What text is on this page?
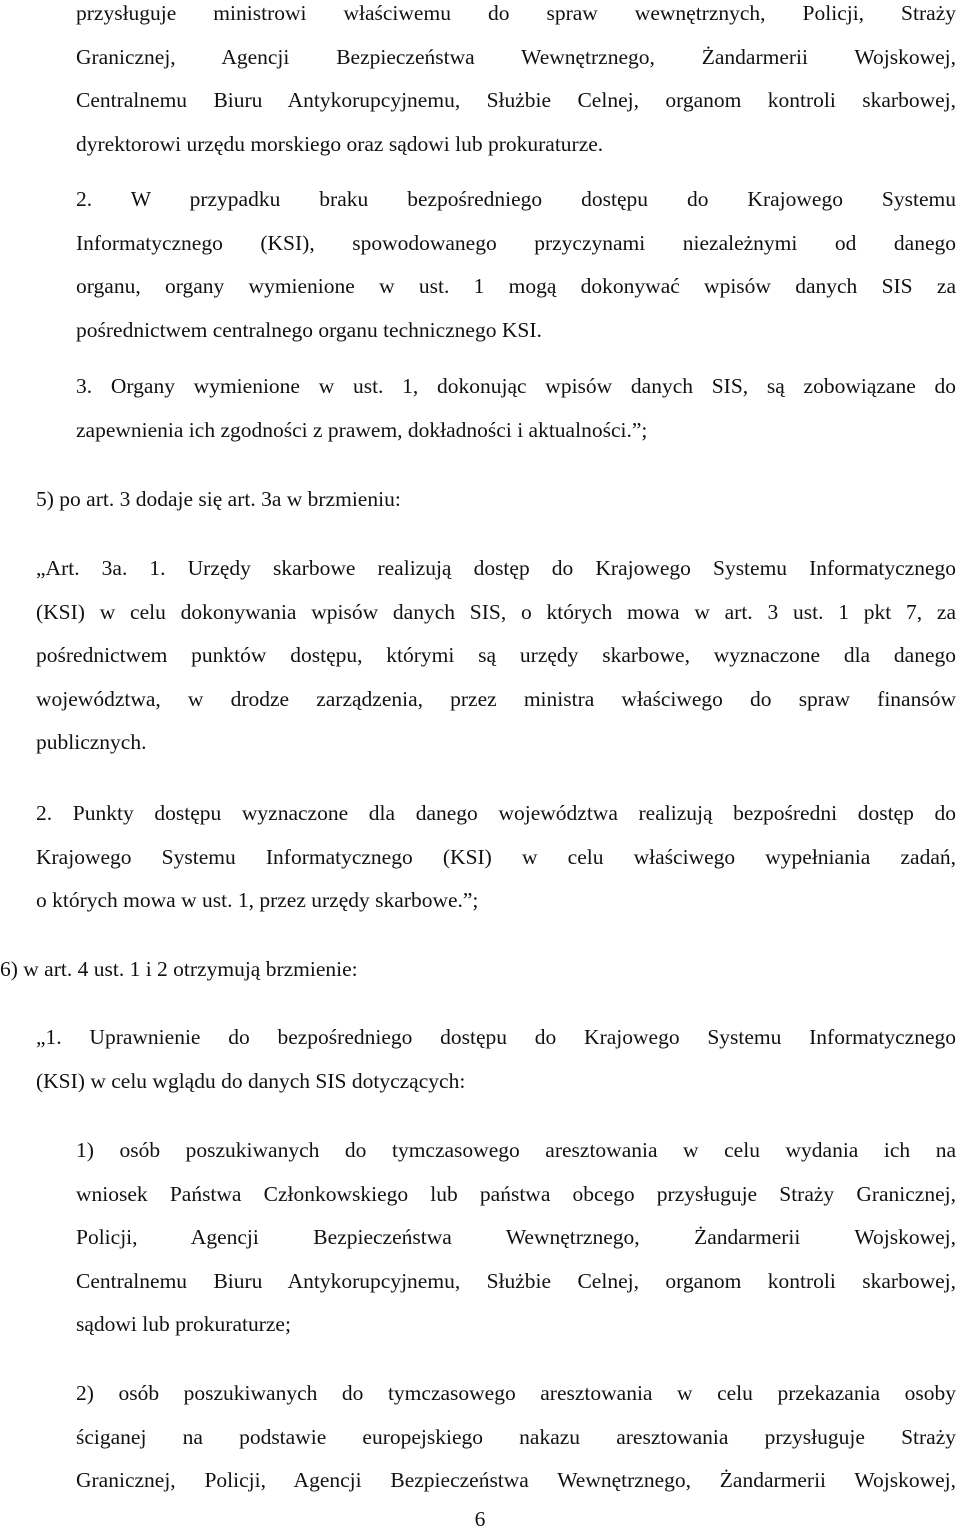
przysługuje ministrowi właściwemu do spraw wewnętrznych, Policji, Straży
Granicznej, Agencji Bezpieczeństwa Wewnętrznego, Żandarmerii Wojskowej,
Centralnemu Biuru Antykorupcyjnemu, Służbie Celnej, organom kontroli skarbowej,
dyrektorowi urzędu morskiego oraz sądowi lub prokuraturze.
2. W przypadku braku bezpośredniego dostępu do Krajowego Systemu
Informatycznego (KSI), spowodowanego przyczynami niezależnymi od danego
organu, organy wymienione w ust. 1 mogą dokonywać wpisów danych SIS za
pośrednictwem centralnego organu technicznego KSI.
3. Organy wymienione w ust. 1, dokonując wpisów danych SIS, są zobowiązane do
zapewnienia ich zgodności z prawem, dokładności i aktualności.”;
5) po art. 3 dodaje się art. 3a w brzmieniu:
„Art. 3a. 1. Urzędy skarbowe realizują dostęp do Krajowego Systemu Informatycznego
(KSI) w celu dokonywania wpisów danych SIS, o których mowa w art. 3 ust. 1 pkt 7, za
pośrednictwem punktów dostępu, którymi są urzędy skarbowe, wyznaczone dla danego
województwa, w drodze zarządzenia, przez ministra właściwego do spraw finansów
publicznych.
2. Punkty dostępu wyznaczone dla danego województwa realizują bezpośredni dostęp do
Krajowego Systemu Informatycznego (KSI) w celu właściwego wypełniania zadań,
o których mowa w ust. 1, przez urzędy skarbowe.”;
6) w art. 4 ust. 1 i 2 otrzymują brzmienie:
„1. Uprawnienie do bezpośredniego dostępu do Krajowego Systemu Informatycznego
(KSI) w celu wglądu do danych SIS dotyczących:
1) osób poszukiwanych do tymczasowego aresztowania w celu wydania ich na
wniosek Państwa Członkowskiego lub państwa obcego przysługuje Straży Granicznej,
Policji, Agencji Bezpieczeństwa Wewnętrznego, Żandarmerii Wojskowej,
Centralnemu Biuru Antykorupcyjnemu, Służbie Celnej, organom kontroli skarbowej,
sądowi lub prokuraturze;
2) osób poszukiwanych do tymczasowego aresztowania w celu przekazania osoby
ściganej na podstawie europejskiego nakazu aresztowania przysługuje Straży
Granicznej, Policji, Agencji Bezpieczeństwa Wewnętrznego, Żandarmerii Wojskowej,
6
